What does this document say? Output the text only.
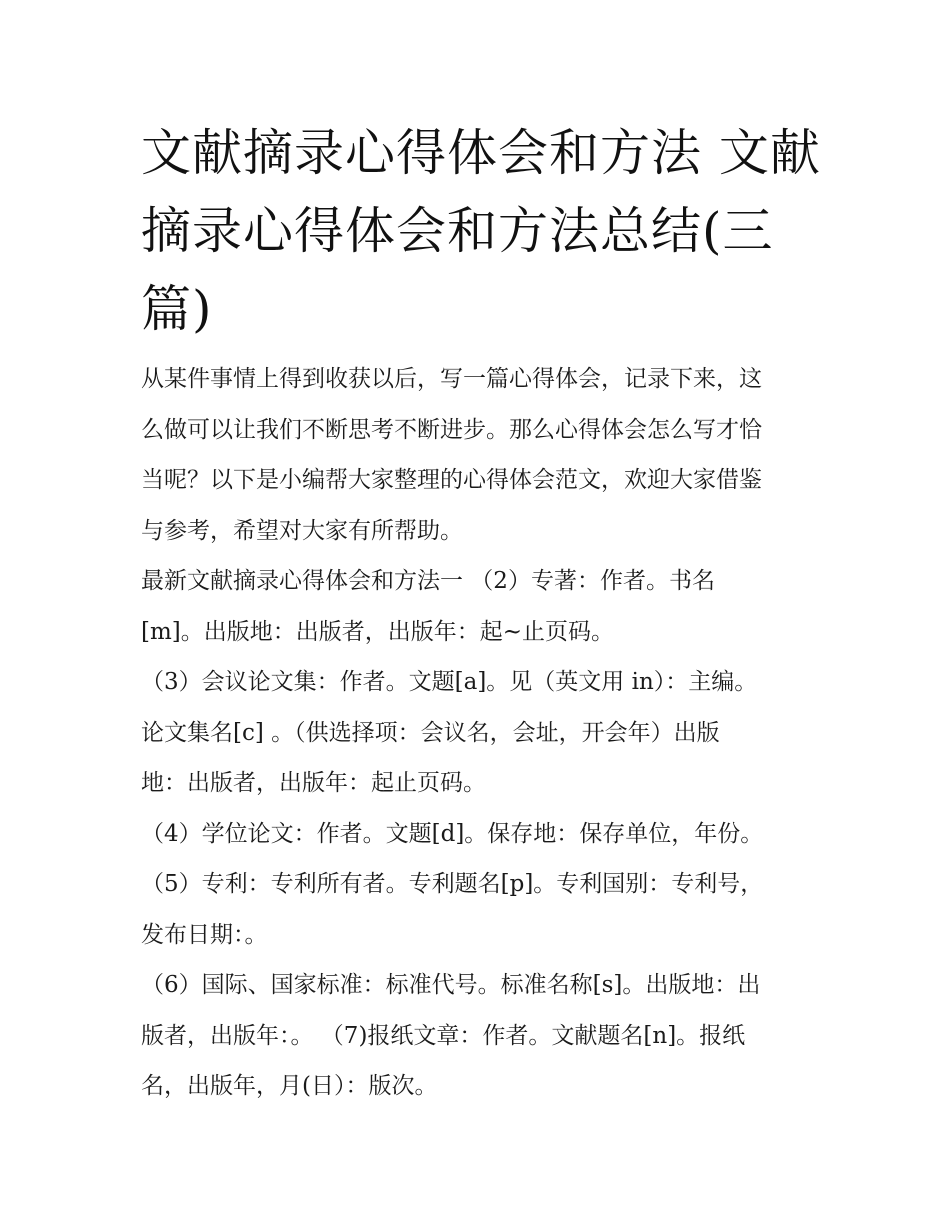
文献摘录心得体会和方法 文献
摘录心得体会和方法总结(三
篇)
从某件事情上得到收获以后，写一篇心得体会，记录下来，这
么做可以让我们不断思考不断进步。那么心得体会怎么写才恰
当呢？以下是小编帮大家整理的心得体会范文，欢迎大家借鉴
与参考，希望对大家有所帮助。
最新文献摘录心得体会和方法一 （2）专著：作者。书名
[m]。出版地：出版者，出版年：起~止页码。
（3）会议论文集：作者。文题[a]。见（英文用 in）：主编。
论文集名[c] 。（供选择项：会议名，会址，开会年）出版
地：出版者，出版年：起止页码。
（4）学位论文：作者。文题[d]。保存地：保存单位，年份。
（5）专利：专利所有者。专利题名[p]。专利国别：专利号，
发布日期：。
（6）国际、国家标准：标准代号。标准名称[s]。出版地：出
版者，出版年：。 （7)报纸文章：作者。文献题名[n]。报纸
名，出版年，月(日）：版次。
